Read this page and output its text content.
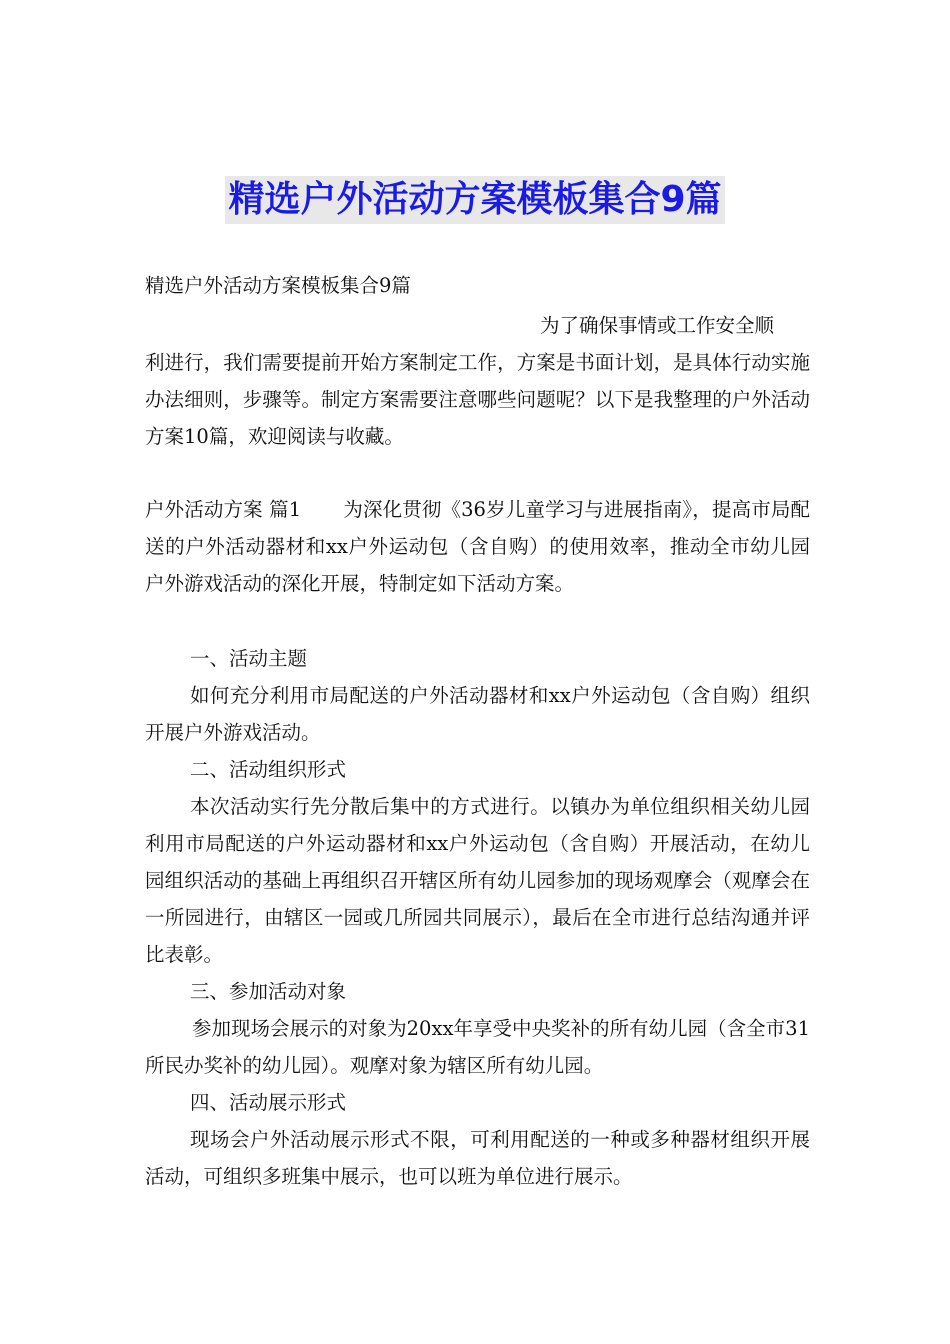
精选户外活动方案模板集合9篇

精选户外活动方案模板集合9篇

为了确保事情或工作安全顺

利进行，我们需要提前开始方案制定工作，方案是书面计划，是具体行动实施办法细则，步骤等。制定方案需要注意哪些问题呢？以下是我整理的户外活动方案10篇，欢迎阅读与收藏。

户外活动方案 篇1 为深化贯彻《36岁儿童学习与进展指南》，提高市局配送的户外活动器材和xx户外运动包（含自购）的使用效率，推动全市幼儿园户外游戏活动的深化开展，特制定如下活动方案。

一、活动主题

如何充分利用市局配送的户外活动器材和xx户外运动包（含自购）组织开展户外游戏活动。

二、活动组织形式

本次活动实行先分散后集中的方式进行。以镇办为单位组织相关幼儿园利用市局配送的户外运动器材和xx户外运动包（含自购）开展活动，在幼儿园组织活动的基础上再组织召开辖区所有幼儿园参加的现场观摩会（观摩会在一所园进行，由辖区一园或几所园共同展示），最后在全市进行总结沟通并评比表彰。

三、参加活动对象

参加现场会展示的对象为20xx年享受中央奖补的所有幼儿园（含全市31所民办奖补的幼儿园）。观摩对象为辖区所有幼儿园。

四、活动展示形式

现场会户外活动展示形式不限，可利用配送的一种或多种器材组织开展活动，可组织多班集中展示，也可以班为单位进行展示。
